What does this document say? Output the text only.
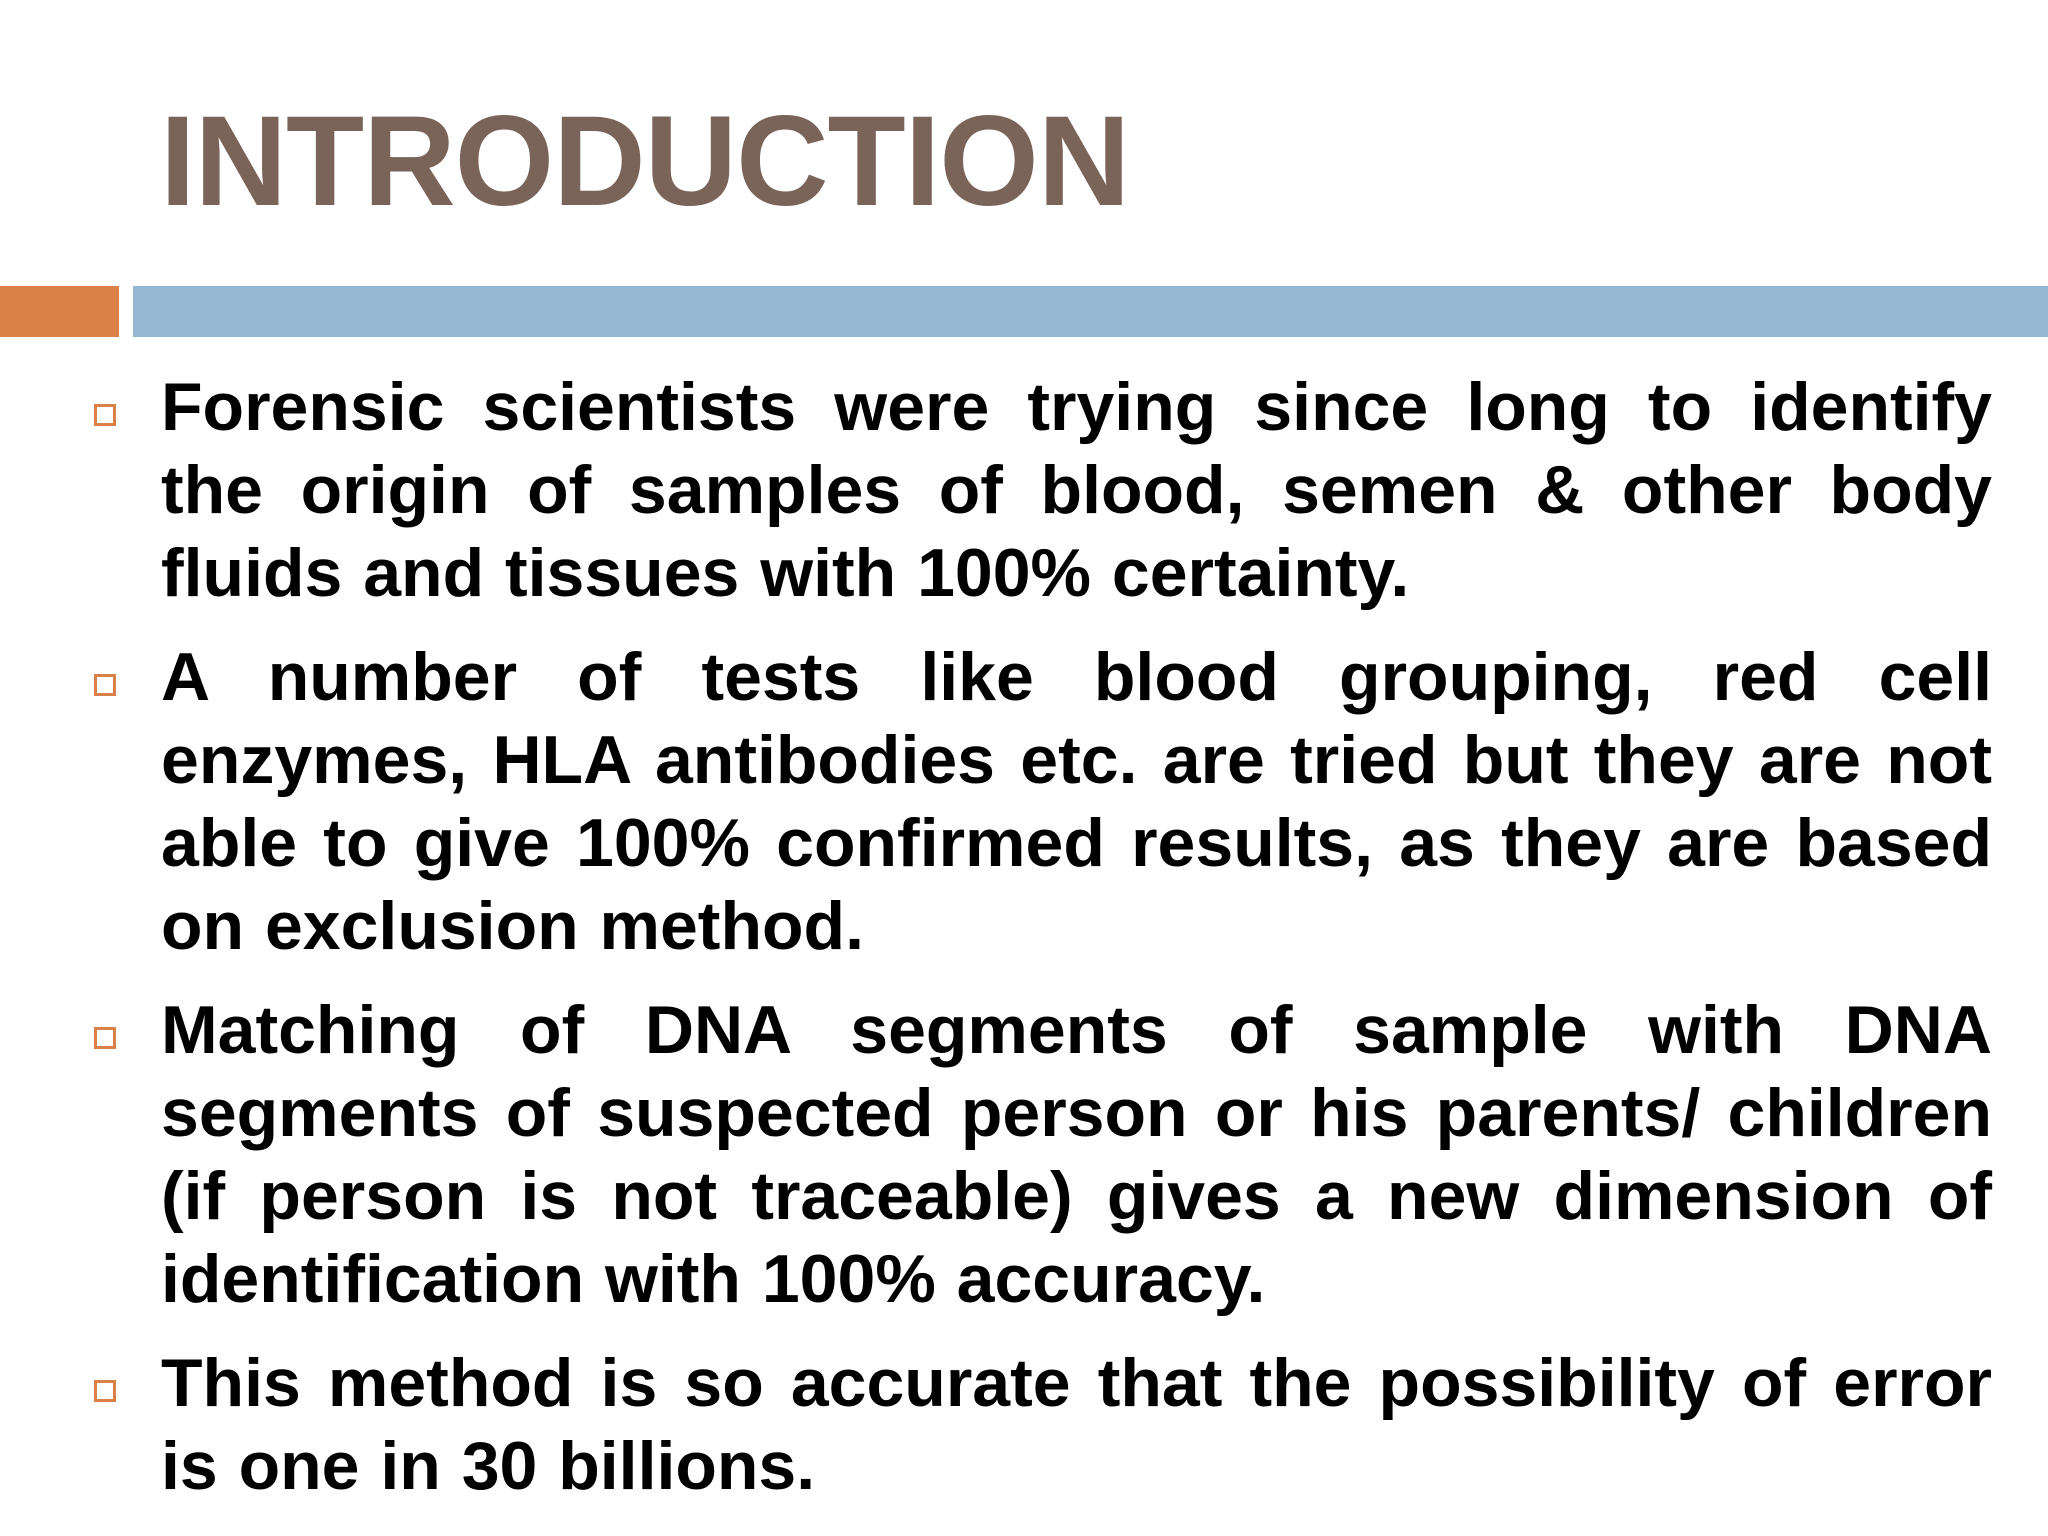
INTRODUCTION
Forensic scientists were trying since long to identify the origin of samples of blood, semen & other body fluids and tissues with 100% certainty.
A number of tests like blood grouping, red cell enzymes, HLA antibodies etc. are tried but they are not able to give 100% confirmed results, as they are based on exclusion method.
Matching of DNA segments of sample with DNA segments of suspected person or his parents/ children (if person is not traceable) gives a new dimension of identification with 100% accuracy.
This method is so accurate that the possibility of error is one in 30 billions.
